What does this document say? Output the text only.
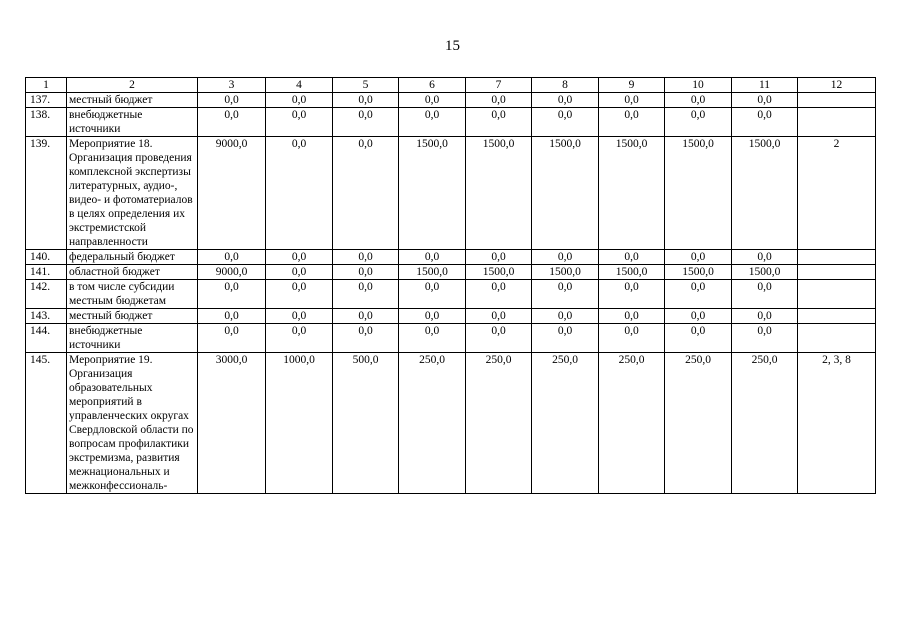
15
1	2	3	4	5	6	7	8	9	10	11	12
137.	местный бюджет	0,0	0,0	0,0	0,0	0,0	0,0	0,0	0,0	0,0	
138.	внебюджетные источники	0,0	0,0	0,0	0,0	0,0	0,0	0,0	0,0	0,0	
139.	Мероприятие 18. Организация проведения комплексной экспертизы литературных, аудио-, видео- и фотоматериалов в целях определения их экстремистской направленности	9000,0	0,0	0,0	1500,0	1500,0	1500,0	1500,0	1500,0	1500,0	2
140.	федеральный бюджет	0,0	0,0	0,0	0,0	0,0	0,0	0,0	0,0	0,0	
141.	областной бюджет	9000,0	0,0	0,0	1500,0	1500,0	1500,0	1500,0	1500,0	1500,0	
142.	в том числе субсидии местным бюджетам	0,0	0,0	0,0	0,0	0,0	0,0	0,0	0,0	0,0	
143.	местный бюджет	0,0	0,0	0,0	0,0	0,0	0,0	0,0	0,0	0,0	
144.	внебюджетные источники	0,0	0,0	0,0	0,0	0,0	0,0	0,0	0,0	0,0	
145.	Мероприятие 19. Организация образовательных мероприятий в управленческих округах Свердловской области по вопросам профилактики экстремизма, развития межнациональных и межконфессиональ-	3000,0	1000,0	500,0	250,0	250,0	250,0	250,0	250,0	250,0	2, 3, 8
